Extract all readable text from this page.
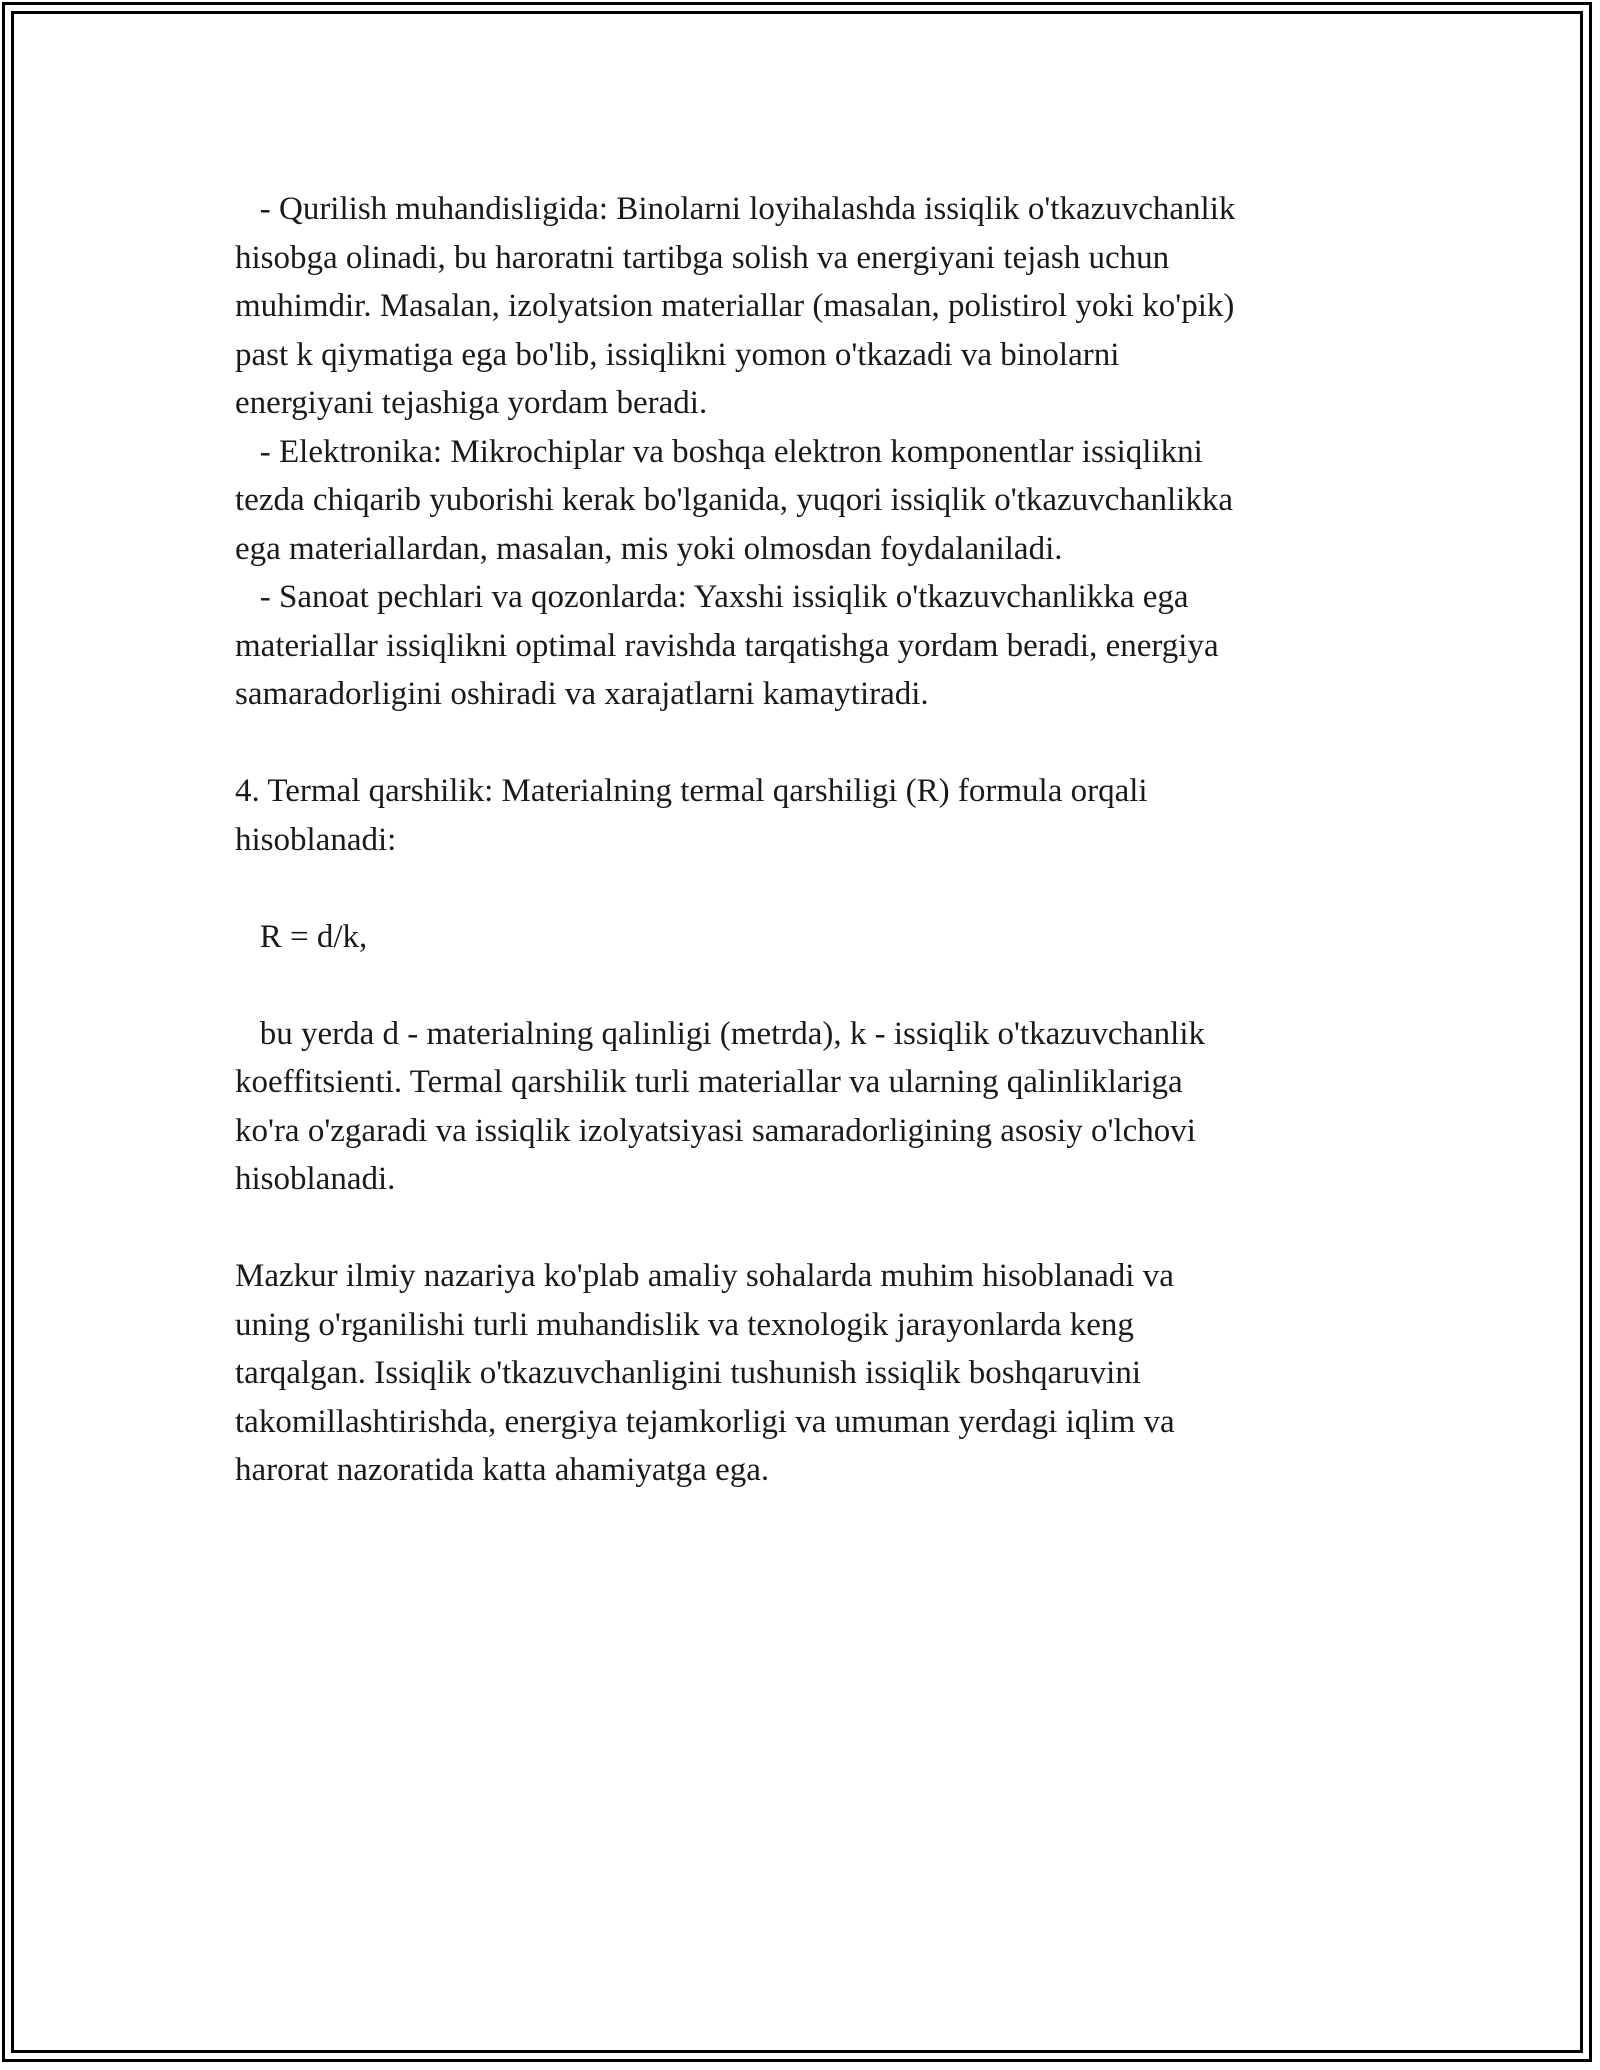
- Qurilish muhandisligida: Binolarni loyihalashda issiqlik o'tkazuvchanlik
hisobga olinadi, bu haroratni tartibga solish va energiyani tejash uchun
muhimdir. Masalan, izolyatsion materiallar (masalan, polistirol yoki ko'pik)
past k qiymatiga ega bo'lib, issiqlikni yomon o'tkazadi va binolarni
energiyani tejashiga yordam beradi.
- Elektronika: Mikrochiplar va boshqa elektron komponentlar issiqlikni
tezda chiqarib yuborishi kerak bo'lganida, yuqori issiqlik o'tkazuvchanlikka
ega materiallardan, masalan, mis yoki olmosdan foydalaniladi.
- Sanoat pechlari va qozonlarda: Yaxshi issiqlik o'tkazuvchanlikka ega
materiallar issiqlikni optimal ravishda tarqatishga yordam beradi, energiya
samaradorligini oshiradi va xarajatlarni kamaytiradi.
4. Termal qarshilik: Materialning termal qarshiligi (R) formula orqali
hisoblanadi:
R = d/k,
bu yerda d - materialning qalinligi (metrda), k - issiqlik o'tkazuvchanlik
koeffitsienti. Termal qarshilik turli materiallar va ularning qalinliklariga
ko'ra o'zgaradi va issiqlik izolyatsiyasi samaradorligining asosiy o'lchovi
hisoblanadi.
Mazkur ilmiy nazariya ko'plab amaliy sohalarda muhim hisoblanadi va
uning o'rganilishi turli muhandislik va texnologik jarayonlarda keng
tarqalgan. Issiqlik o'tkazuvchanligini tushunish issiqlik boshqaruvini
takomillashtirishda, energiya tejamkorligi va umuman yerdagi iqlim va
harorat nazoratida katta ahamiyatga ega.
